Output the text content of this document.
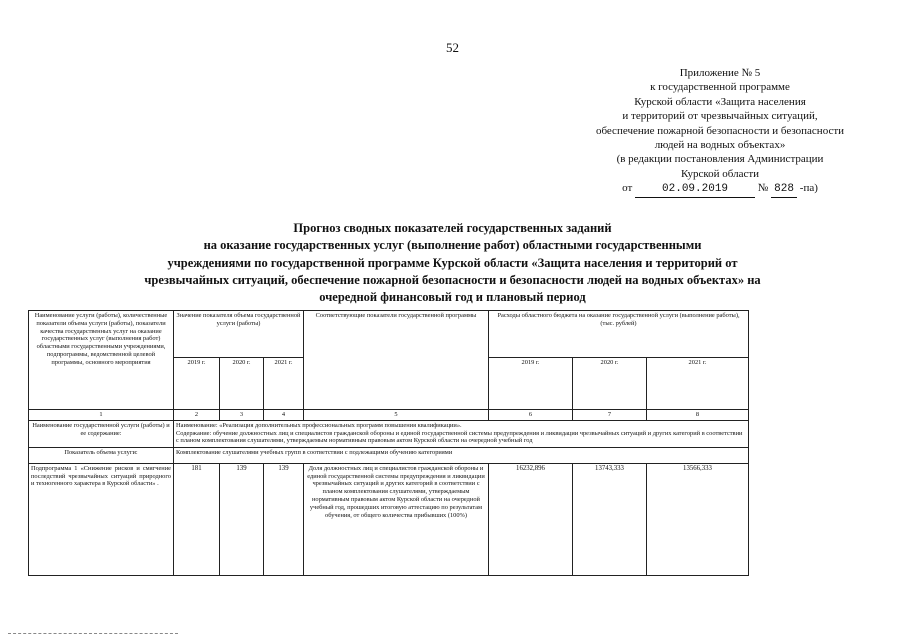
52
Приложение № 5
к государственной программе
Курской области «Защита населения
и территорий от чрезвычайных ситуаций,
обеспечение пожарной безопасности и безопасности
людей на водных объектах»
(в редакции постановления Администрации
Курской области
от	02.09.2019	№ 828 -па)
Прогноз сводных показателей государственных заданий
на оказание государственных услуг (выполнение работ) областными государственными
учреждениями по государственной программе Курской области «Защита населения и территорий от
чрезвычайных ситуаций, обеспечение пожарной безопасности и безопасности людей на водных объектах» на
очередной финансовый год и плановый период
Наименование услуги (работы), количественные показатели объема услуги (работы), показатели качества государственных услуг на оказание государственных услуг (выполнения работ) областными государственными учреждениями, подпрограммы, ведомственной целевой программы, основного мероприятия	Значение показателя объема государственной услуги (работы)			Соответствующие показатели государственной программы	Расходы областного бюджета на оказание государственной услуги (выполнение работы), (тыс. рублей)		
	2019 г.	2020 г.	2021 г.		2019 г.	2020 г.	2021 г.
1	2	3	4	5	6	7	8
Наименование государственной услуги (работы) и ее содержание:	Наименование: «Реализация дополнительных профессиональных программ повышения квалификации».
Содержание: обучение должностных лиц и специалистов гражданской обороны и единой государственной системы предупреждения и ликвидации чрезвычайных ситуаций и других категорий в соответствии с планом комплектования слушателями, утверждаемым нормативным правовым актом Курской области на очередной учебный год						

Показатель объема услуги:	Комплектование слушателями учебных групп в соответствии с подлежащими обучению категориями						
Подпрограмма 1 «Снижение рисков и смягчение последствий чрезвычайных ситуаций природного и техногенного характера в Курской области» .	181	139	139	Доля должностных лиц и специалистов гражданской обороны и единой государственной системы предупреждения и ликвидации чрезвычайных ситуаций и других категорий в соответствии с планом комплектования слушателями, утверждаемым нормативным правовым актом Курской области на очередной учебный год, прошедших итоговую аттестацию по результатам обучения, от общего количества прибывших (100%)	16232,896	13743,333	13566,333
